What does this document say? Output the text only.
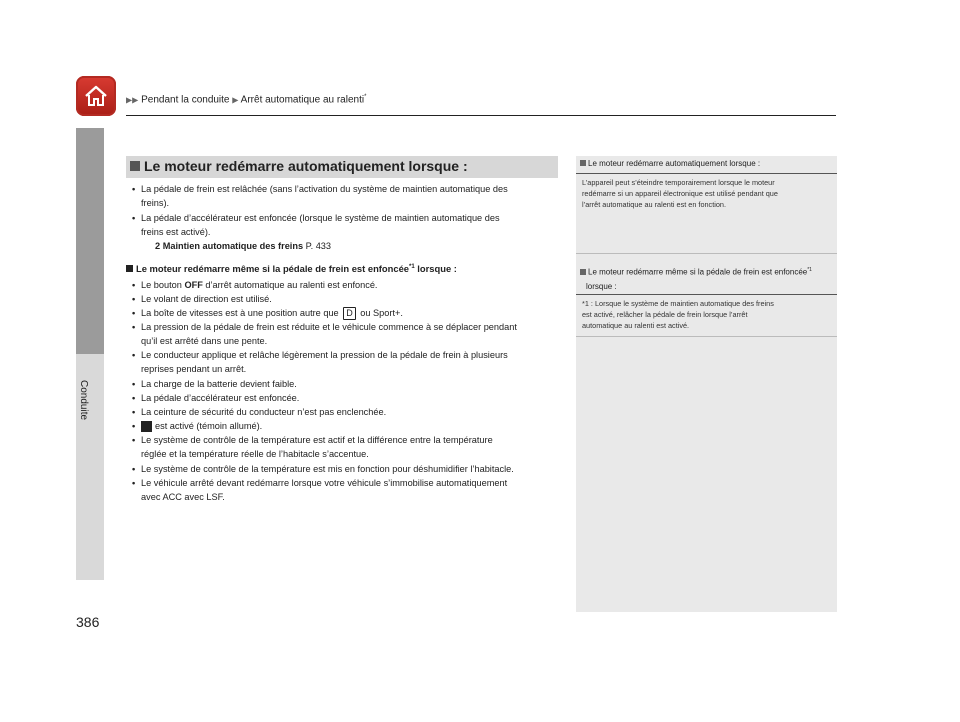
▶▶ Pendant la conduite ▶ Arrêt automatique au ralenti*
Conduite
386
Le moteur redémarre automatiquement lorsque :
• La pédale de frein est relâchée (sans l’activation du système de maintien automatique des
freins).
• La pédale d’accélérateur est enfoncée (lorsque le système de maintien automatique des
freins est activé).
2 Maintien automatique des freins P. 433
Le moteur redémarre même si la pédale de frein est enfoncée$^{*1}$ lorsque :
• Le bouton OFF d’arrêt automatique au ralenti est enfoncé.
• Le volant de direction est utilisé.
• La boîte de vitesses est à une position autre que D ou Sport+.
• La pression de la pédale de frein est réduite et le véhicule commence à se déplacer pendant
qu’il est arrêté dans une pente.
• Le conducteur applique et relâche légèrement la pression de la pédale de frein à plusieurs
reprises pendant un arrêt.
• La charge de la batterie devient faible.
• La pédale d’accélérateur est enfoncée.
• La ceinture de sécurité du conducteur n’est pas enclenchée.
• est activé (témoin allumé).
• Le système de contrôle de la température est actif et la différence entre la température
réglée et la température réelle de l’habitacle s’accentue.
• Le système de contrôle de la température est mis en fonction pour déshumidifier l’habitacle.
• Le véhicule arrêté devant redémarre lorsque votre véhicule s’immobilise automatiquement
avec ACC avec LSF.
Le moteur redémarre automatiquement lorsque :
L’appareil peut s’éteindre temporairement lorsque le moteur
redémarre si un appareil électronique est utilisé pendant que
l’arrêt automatique au ralenti est en fonction.
Le moteur redémarre même si la pédale de frein est enfoncée$^{*1}$
lorsque :
*1 : Lorsque le système de maintien automatique des freins
est activé, relâcher la pédale de frein lorsque l’arrêt
automatique au ralenti est activé.
